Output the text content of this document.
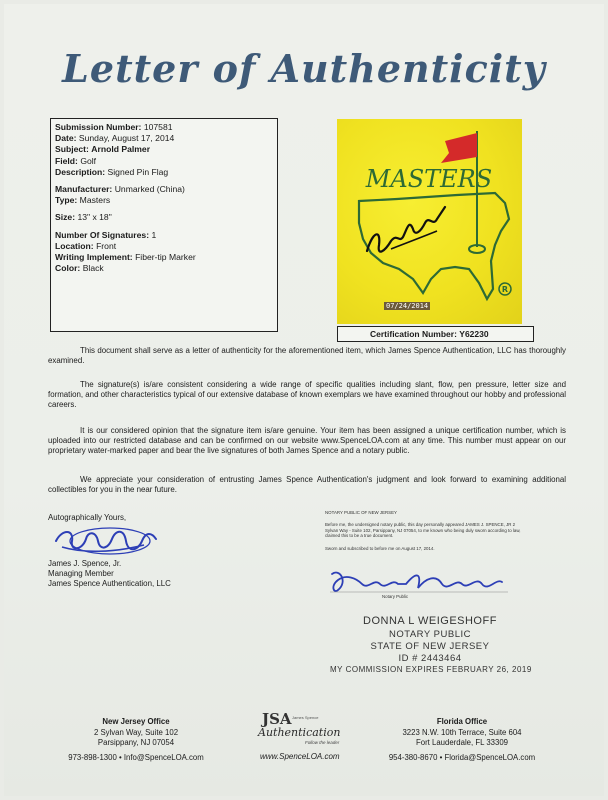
Letter of Authenticity
Submission Number: 107581
Date: Sunday, August 17, 2014
Subject: Arnold Palmer
Field: Golf
Description: Signed Pin Flag
Manufacturer: Unmarked (China)
Type: Masters
Size: 13" x 18"
Number Of Signatures: 1
Location: Front
Writing Implement: Fiber-tip Marker
Color: Black
MASTERS
R
07/24/2014
Certification Number: Y62230
This document shall serve as a letter of authenticity for the aforementioned item, which James Spence Authentication, LLC has thoroughly examined.
The signature(s) is/are consistent considering a wide range of specific qualities including slant, flow, pen pressure, letter size and formation, and other characteristics typical of our extensive database of known exemplars we have examined throughout our hobby and professional careers.
It is our considered opinion that the signature item is/are genuine. Your item has been assigned a unique certification number, which is uploaded into our restricted database and can be confirmed on our website www.SpenceLOA.com at any time. This number must appear on our proprietary water-marked paper and bear the live signatures of both James Spence and a notary public.
We appreciate your consideration of entrusting James Spence Authentication's judgment and look forward to examining additional collectibles for you in the near future.
Autographically Yours,
James J. Spence, Jr.
Managing Member
James Spence Authentication, LLC
NOTARY PUBLIC OF NEW JERSEY
Before me, the undersigned notary public, this day personally appeared JAMES J. SPENCE, JR 2 Sylvan Way - Suite 102, Parsippany, NJ 07054, to me known who being duly sworn according to law, claimed this to be a true document.
Sworn and subscribed to before me on August 17, 2014.
Notary Public
DONNA L WEIGESHOFF
NOTARY PUBLIC
STATE OF NEW JERSEY
ID # 2443464
MY COMMISSION EXPIRES FEBRUARY 26, 2019
New Jersey Office
2 Sylvan Way, Suite 102
Parsippany, NJ 07054
973-898-1300 • Info@SpenceLOA.com
JSA James Spence
Authentication
Follow the leader
www.SpenceLOA.com
Florida Office
3223 N.W. 10th Terrace, Suite 604
Fort Lauderdale, FL 33309
954-380-8670 • Florida@SpenceLOA.com
